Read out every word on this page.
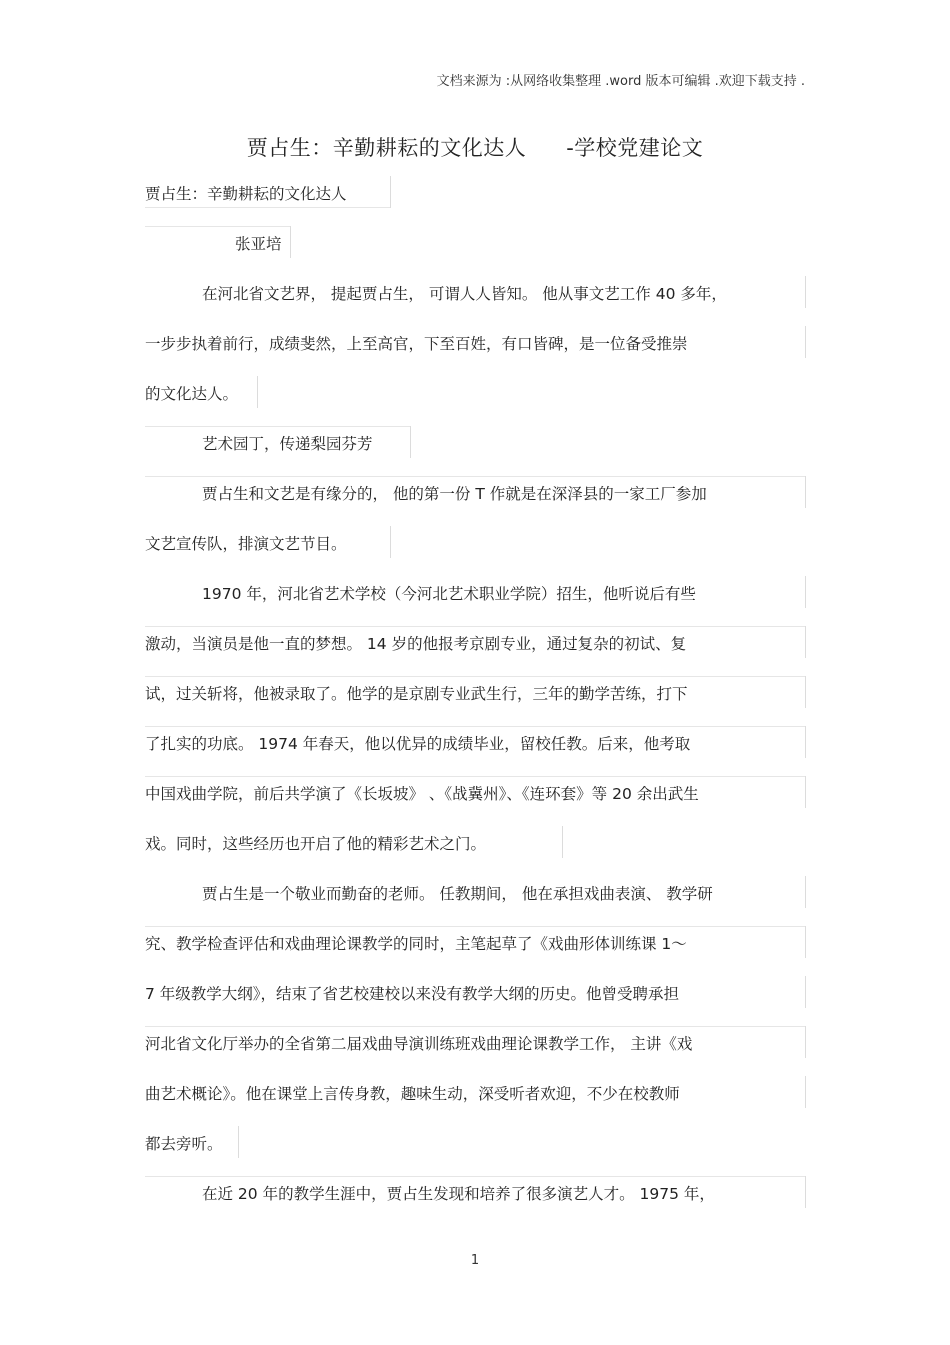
文档来源为 :从网络收集整理 .word 版本可编辑 .欢迎下载支持 .
贾占生：辛勤耕耘的文化达人 -学校党建论文
贾占生：辛勤耕耘的文化达人
张亚培
在河北省文艺界， 提起贾占生， 可谓人人皆知。 他从事文艺工作 40 多年，
一步步执着前行，成绩斐然，上至高官，下至百姓，有口皆碑，是一位备受推崇
的文化达人。
艺术园丁，传递梨园芬芳
贾占生和文艺是有缘分的， 他的第一份 T 作就是在深泽县的一家工厂参加
文艺宣传队，排演文艺节目。
1970 年，河北省艺术学校（今河北艺术职业学院）招生，他听说后有些
激动，当演员是他一直的梦想。 14 岁的他报考京剧专业，通过复杂的初试、复
试，过关斩将，他被录取了。他学的是京剧专业武生行，三年的勤学苦练，打下
了扎实的功底。 1974 年春天，他以优异的成绩毕业，留校任教。后来，他考取
中国戏曲学院，前后共学演了《长坂坡》 、《战冀州》、《连环套》等 20 余出武生
戏。同时，这些经历也开启了他的精彩艺术之门。
贾占生是一个敬业而勤奋的老师。 任教期间， 他在承担戏曲表演、 教学研
究、教学检查评估和戏曲理论课教学的同时，主笔起草了《戏曲形体训练课 1～
7 年级教学大纲》，结束了省艺校建校以来没有教学大纲的历史。他曾受聘承担
河北省文化厅举办的全省第二届戏曲导演训练班戏曲理论课教学工作， 主讲《戏
曲艺术概论》。他在课堂上言传身教，趣味生动，深受听者欢迎，不少在校教师
都去旁听。
在近 20 年的教学生涯中，贾占生发现和培养了很多演艺人才。 1975 年，
1
